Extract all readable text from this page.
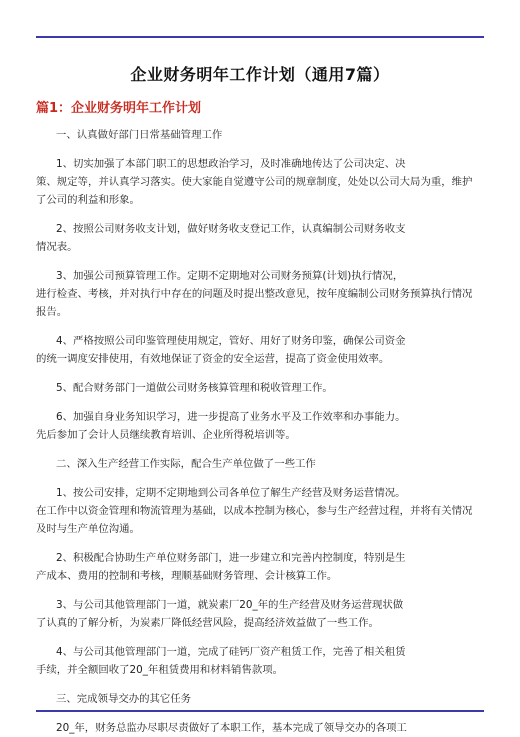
企业财务明年工作计划（通用7篇）
篇1：企业财务明年工作计划
一、认真做好部门日常基础管理工作
1、切实加强了本部门职工的思想政治学习，及时准确地传达了公司决定、决
策、规定等，并认真学习落实。使大家能自觉遵守公司的规章制度，处处以公司大局为重，维护
了公司的利益和形象。
2、按照公司财务收支计划，做好财务收支登记工作，认真编制公司财务收支
情况表。
3、加强公司预算管理工作。定期不定期地对公司财务预算(计划)执行情况，
进行检查、考核，并对执行中存在的问题及时提出整改意见，按年度编制公司财务预算执行情况
报告。
4、严格按照公司印鉴管理使用规定，管好、用好了财务印鉴，确保公司资金
的统一调度安排使用，有效地保证了资金的安全运营，提高了资金使用效率。
5、配合财务部门一道做公司财务核算管理和税收管理工作。
6、加强自身业务知识学习，进一步提高了业务水平及工作效率和办事能力。
先后参加了会计人员继续教育培训、企业所得税培训等。
二、深入生产经营工作实际，配合生产单位做了一些工作
1、按公司安排，定期不定期地到公司各单位了解生产经营及财务运营情况。
在工作中以资金管理和物流管理为基础，以成本控制为核心，参与生产经营过程，并将有关情况
及时与生产单位沟通。
2、积极配合协助生产单位财务部门，进一步建立和完善内控制度，特别是生
产成本、费用的控制和考核，理顺基础财务管理、会计核算工作。
3、与公司其他管理部门一道，就炭素厂20_年的生产经营及财务运营现状做
了认真的了解分析，为炭素厂降低经营风险，提高经济效益做了一些工作。
4、与公司其他管理部门一道，完成了硅钙厂资产租赁工作，完善了相关租赁
手续，并全额回收了20_年租赁费用和材料销售款项。
三、完成领导交办的其它任务
20_年，财务总监办尽职尽责做好了本职工作，基本完成了领导交办的各项工
